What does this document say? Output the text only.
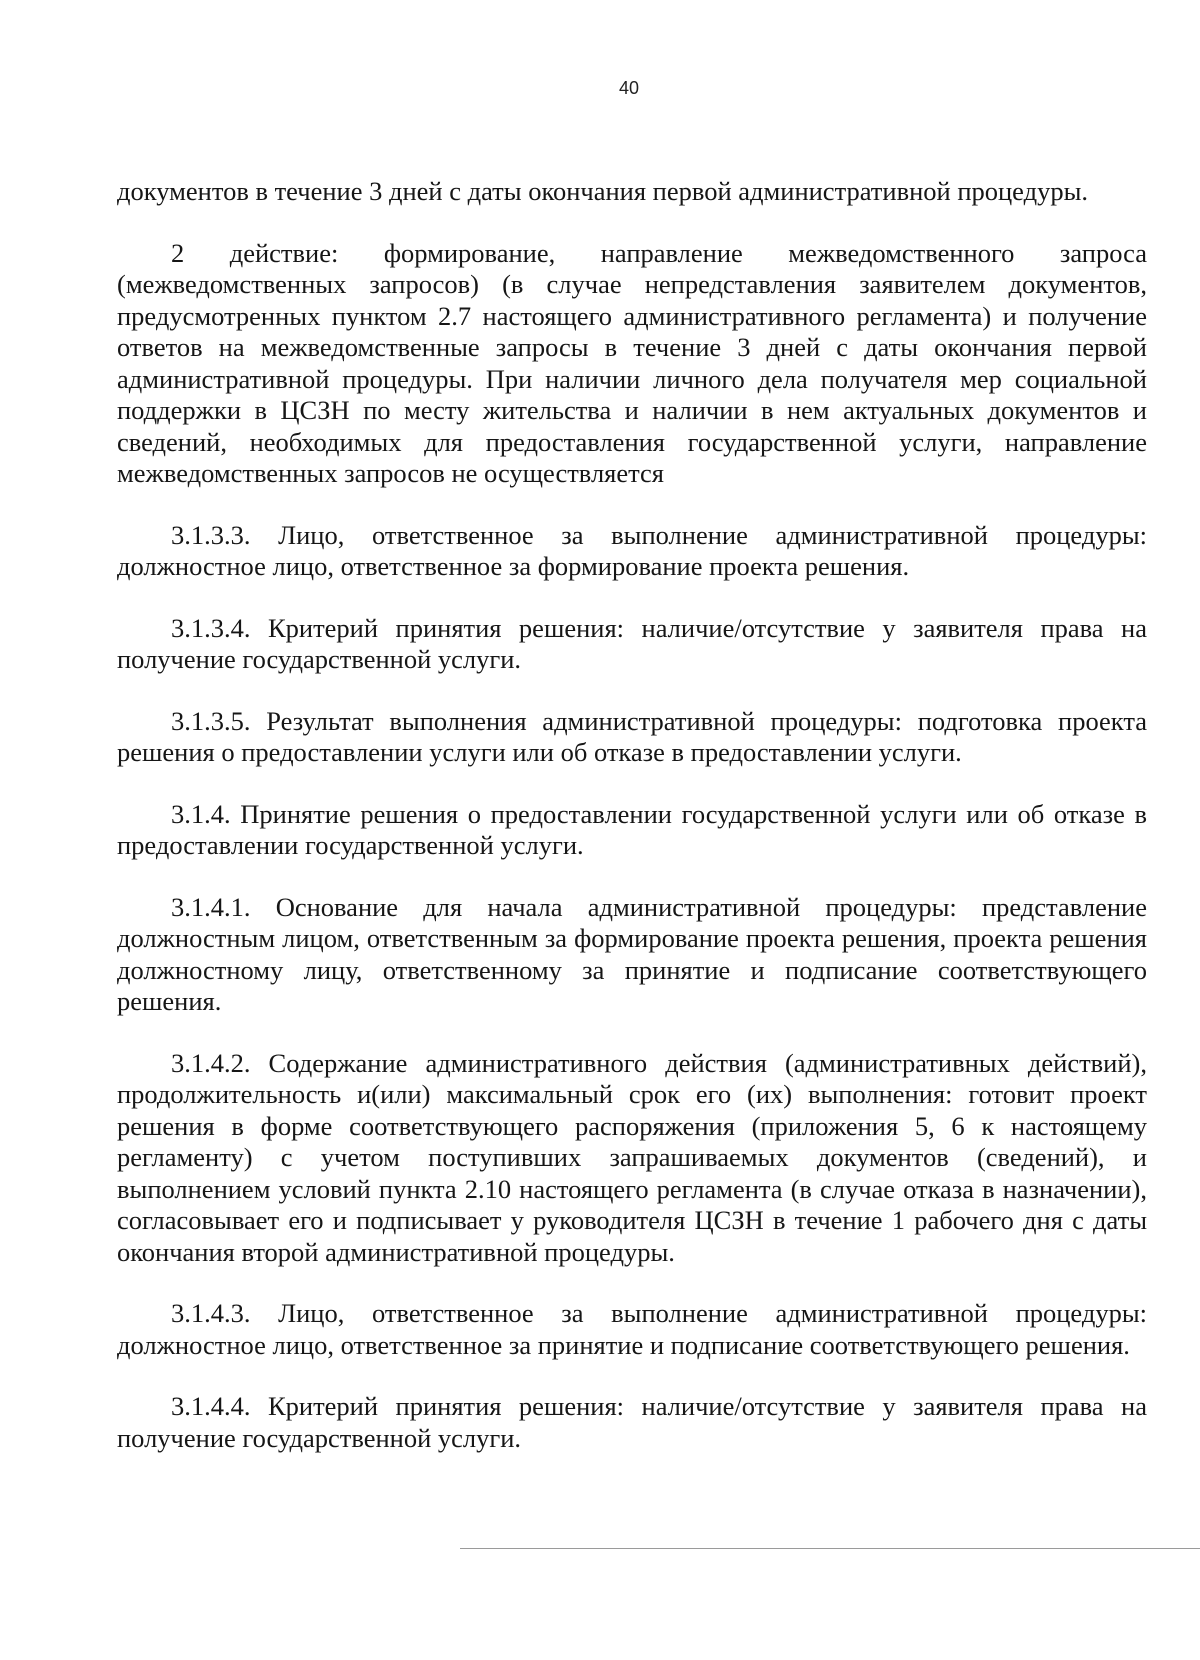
40

документов в течение 3 дней с даты окончания первой административной процедуры.

2 действие: формирование, направление межведомственного запроса (межведомственных запросов) (в случае непредставления заявителем документов, предусмотренных пунктом 2.7 настоящего административного регламента) и получение ответов на межведомственные запросы в течение 3 дней с даты окончания первой административной процедуры. При наличии личного дела получателя мер социальной поддержки в ЦСЗН по месту жительства и наличии в нем актуальных документов и сведений, необходимых для предоставления государственной услуги, направление межведомственных запросов не осуществляется

3.1.3.3. Лицо, ответственное за выполнение административной процедуры: должностное лицо, ответственное за формирование проекта решения.

3.1.3.4. Критерий принятия решения: наличие/отсутствие у заявителя права на получение государственной услуги.

3.1.3.5. Результат выполнения административной процедуры: подготовка проекта решения о предоставлении услуги или об отказе в предоставлении услуги.

3.1.4. Принятие решения о предоставлении государственной услуги или об отказе в предоставлении государственной услуги.

3.1.4.1. Основание для начала административной процедуры: представление должностным лицом, ответственным за формирование проекта решения, проекта решения должностному лицу, ответственному за принятие и подписание соответствующего решения.

3.1.4.2. Содержание административного действия (административных действий), продолжительность и(или) максимальный срок его (их) выполнения: готовит проект решения в форме соответствующего распоряжения (приложения 5, 6 к настоящему регламенту) с учетом поступивших запрашиваемых документов (сведений), и выполнением условий пункта 2.10 настоящего регламента (в случае отказа в назначении), согласовывает его и подписывает у руководителя ЦСЗН в течение 1 рабочего дня с даты окончания второй административной процедуры.

3.1.4.3. Лицо, ответственное за выполнение административной процедуры: должностное лицо, ответственное за принятие и подписание соответствующего решения.

3.1.4.4. Критерий принятия решения: наличие/отсутствие у заявителя права на получение государственной услуги.
